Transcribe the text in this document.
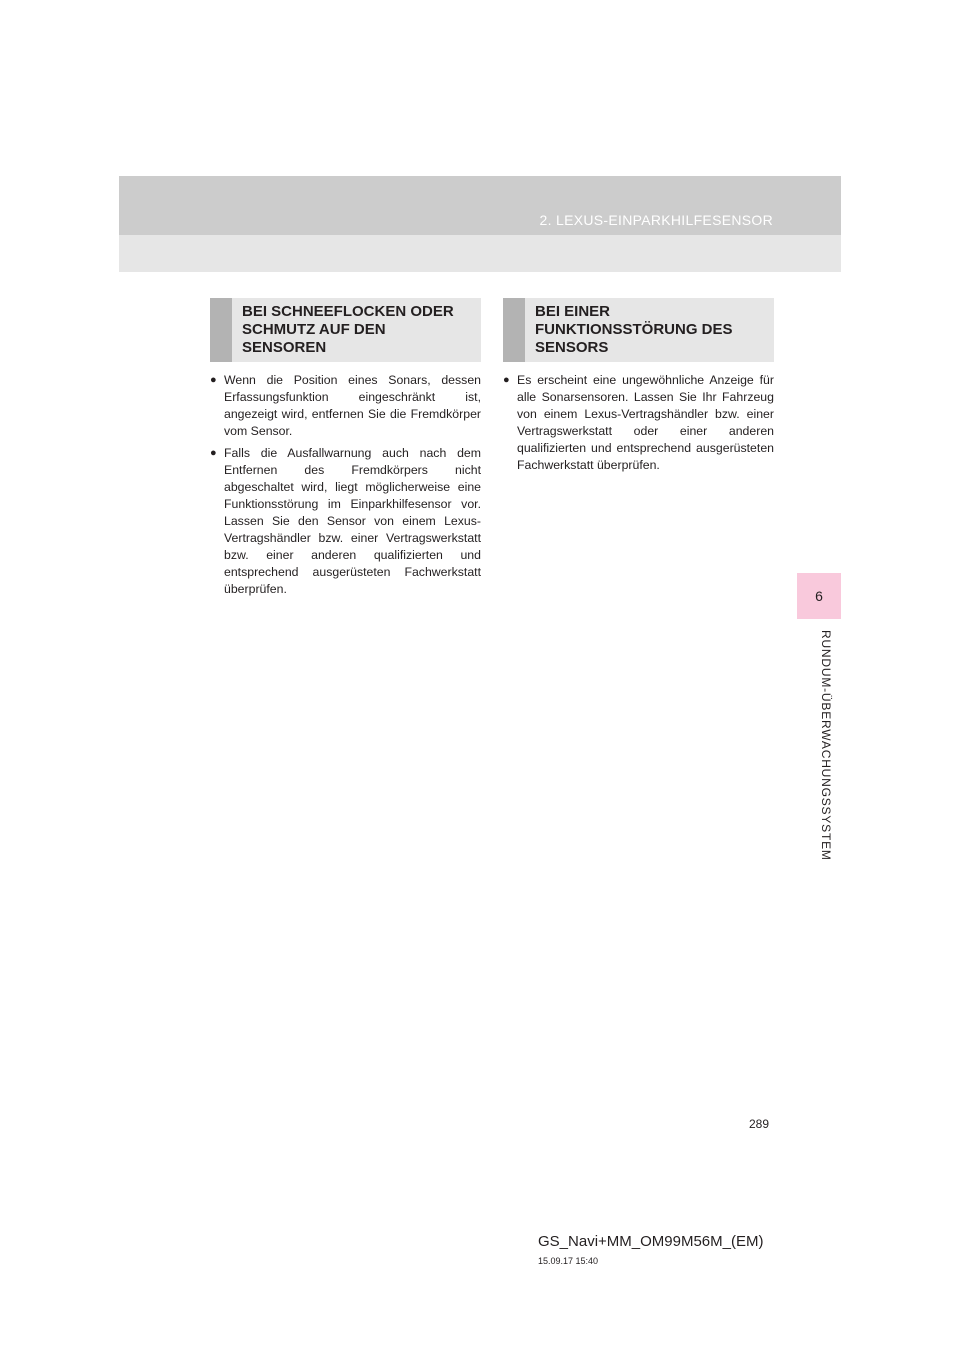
2. LEXUS-EINPARKHILFESENSOR
6
RUNDUM-ÜBERWACHUNGSSYSTEM
BEI SCHNEEFLOCKEN ODER
SCHMUTZ AUF DEN
SENSOREN
● Wenn die Position eines Sonars, dessen Erfassungsfunktion eingeschränkt ist, angezeigt wird, entfernen Sie die Fremdkörper vom Sensor.
● Falls die Ausfallwarnung auch nach dem Entfernen des Fremdkörpers nicht abgeschaltet wird, liegt möglicherweise eine Funktionsstörung im Einparkhilfesensor vor. Lassen Sie den Sensor von einem Lexus-Vertragshändler bzw. einer Vertragswerkstatt bzw. einer anderen qualifizierten und entsprechend ausgerüsteten Fachwerkstatt überprüfen.
BEI EINER
FUNKTIONSSTÖRUNG DES
SENSORS
● Es erscheint eine ungewöhnliche Anzeige für alle Sonarsensoren. Lassen Sie Ihr Fahrzeug von einem Lexus-Vertragshändler bzw. einer Vertragswerkstatt oder einer anderen qualifizierten und entsprechend ausgerüsteten Fachwerkstatt überprüfen.
289
GS_Navi+MM_OM99M56M_(EM)
15.09.17 15:40
